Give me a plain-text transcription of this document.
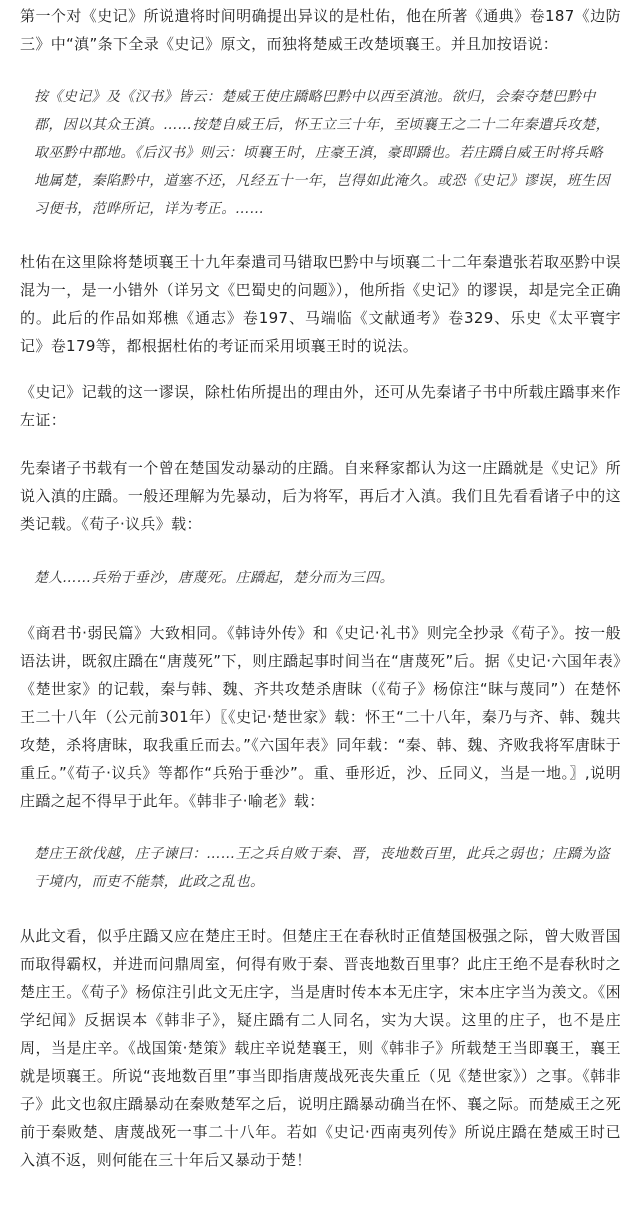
第一个对《史记》所说遣将时间明确提出异议的是杜佑，他在所著《通典》卷187《边防三》中“滇”条下全录《史记》原文，而独将楚威王改楚顷襄王。并且加按语说：

按《史记》及《汉书》皆云：楚威王使庄蹻略巴黔中以西至滇池。欲归，会秦夺楚巴黔中郡，因以其众王滇。……按楚自威王后，怀王立三十年，至顷襄王之二十二年秦遣兵攻楚，取巫黔中郡地。《后汉书》则云：顷襄王时，庄豪王滇，豪即蹻也。若庄蹻自威王时将兵略地属楚，秦陷黔中，道塞不还，凡经五十一年，岂得如此淹久。或恐《史记》谬误，班生因习便书，范晔所记，详为考正。……

杜佑在这里除将楚顷襄王十九年秦遣司马错取巴黔中与顷襄二十二年秦遣张若取巫黔中误混为一，是一小错外（详另文《巴蜀史的问题》），他所指《史记》的谬误，却是完全正确的。此后的作品如郑樵《通志》卷197、马端临《文献通考》卷329、乐史《太平寰宇记》卷179等，都根据杜佑的考证而采用顷襄王时的说法。

《史记》记载的这一谬误，除杜佑所提出的理由外，还可从先秦诸子书中所载庄蹻事来作左证：

先秦诸子书载有一个曾在楚国发动暴动的庄蹻。自来释家都认为这一庄蹻就是《史记》所说入滇的庄蹻。一般还理解为先暴动，后为将军，再后才入滇。我们且先看看诸子中的这类记载。《荀子·议兵》载：

楚人……兵殆于垂沙，唐蔑死。庄蹻起，楚分而为三四。

《商君书·弱民篇》大致相同。《韩诗外传》和《史记·礼书》则完全抄录《荀子》。按一般语法讲，既叙庄蹻在“唐蔑死”下，则庄蹻起事时间当在“唐蔑死”后。据《史记·六国年表》《楚世家》的记载，秦与韩、魏、齐共攻楚杀唐眜（《荀子》杨倞注“眜与蔑同”）在楚怀王二十八年（公元前301年）〖《史记·楚世家》载：怀王“二十八年，秦乃与齐、韩、魏共攻楚，杀将唐眜，取我重丘而去。”《六国年表》同年载：“秦、韩、魏、齐败我将军唐眜于重丘。”《荀子·议兵》等都作“兵殆于垂沙”。重、垂形近，沙、丘同义，当是一地。〗,说明庄蹻之起不得早于此年。《韩非子·喻老》载：

楚庄王欲伐越，庄子谏曰：……王之兵自败于秦、晋，丧地数百里，此兵之弱也；庄蹻为盗于境内，而吏不能禁，此政之乱也。

从此文看，似乎庄蹻又应在楚庄王时。但楚庄王在春秋时正值楚国极强之际，曾大败晋国而取得霸权，并进而问鼎周室，何得有败于秦、晋丧地数百里事？此庄王绝不是春秋时之楚庄王。《荀子》杨倞注引此文无庄字，当是唐时传本本无庄字，宋本庄字当为羡文。《困学纪闻》反据误本《韩非子》，疑庄蹻有二人同名，实为大误。这里的庄子，也不是庄周，当是庄辛。《战国策·楚策》载庄辛说楚襄王，则《韩非子》所载楚王当即襄王，襄王就是顷襄王。所说“丧地数百里”事当即指唐蔑战死丧失重丘（见《楚世家》）之事。《韩非子》此文也叙庄蹻暴动在秦败楚军之后，说明庄蹻暴动确当在怀、襄之际。而楚威王之死前于秦败楚、唐蔑战死一事二十八年。若如《史记·西南夷列传》所说庄蹻在楚威王时已入滇不返，则何能在三十年后又暴动于楚！
